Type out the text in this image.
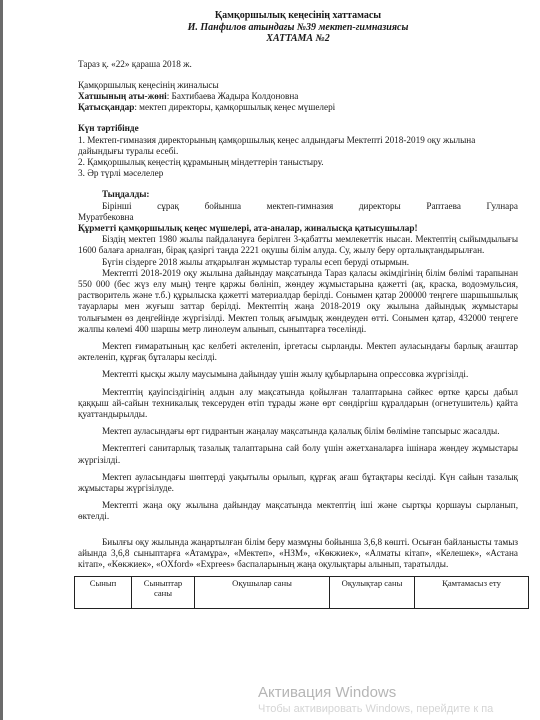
Қамқоршылық кеңесінің хаттамасы
И. Панфилов атындағы №39 мектеп-гимназиясы
ХАТТАМА №2

Тараз қ. «22» қараша 2018 ж.

Қамқоршылық кеңесінің жиналысы

Хатшының аты-жөні: Бахтибаева Жадыра Колдоновна

Қатысқандар: мектеп директоры, қамқоршылық кеңес мүшелері

Күн тәртібінде

1. Мектеп-гимназия директорының қамқоршылық кеңес алдындағы Мектепті 2018-2019 оқу жылына дайындығы туралы есебі.
2. Қамқоршылық кеңестің құрамының міндеттерін таныстыру.
3. Әр түрлі мәселелер

Тыңдалды:

Бірінші	сұрақ	бойынша	мектеп-гимназия	директоры	Раптаева	Гулнара

Муратбековна

Құрметті қамқоршылық кеңес мүшелері, ата-аналар, жиналысқа қатысушылар!

Біздің мектеп 1980 жылы пайдалануға берілген 3-қабатты мемлекеттік нысан. Мектептің сыйымдылығы 1600 балаға арналған, бірақ қазіргі таңда 2221 оқушы білім алуда. Су, жылу беру орталықтандырылған.

Бүгін сіздерге 2018 жылы атқарылған жұмыстар туралы есеп беруді отырмын.

Мектепті 2018-2019 оқу жылына дайындау мақсатында Тараз қаласы әкімдігінің білім бөлімі тарапынан 550 000 (бес жүз елу мың) теңге қаржы бөлініп, жөндеу жұмыстарына қажетті (ақ, краска, водоэмульсия, растворитель және т.б.) құрылыска қажетті материалдар берілді. Сонымен қатар 200000 теңгеге шаршышылық тауарлары мен жуғыш заттар берілді. Мектептің жаңа 2018-2019 оқу жылына дайындық жұмыстары толығымен өз деңгейінде жүргізілді. Мектеп толық ағымдық жөндеуден өтті. Сонымен қатар, 432000 теңгеге жалпы көлемі 400 шаршы метр линолеум алынып, сыныптарға төселінді.

Мектеп ғимаратының қас келбеті әктеленіп, іргетасы сырланды. Мектеп ауласындағы барлық ағаштар әктеленіп, құрғақ бұталары кесілді.

Мектепті қысқы жылу маусымына дайындау үшін жылу құбырларына опрессовка жүргізілді.

Мектептің қауіпсіздігінің алдын алу мақсатында қойылған талаптарына сәйкес өртке қарсы дабыл қаққыш ай-сайын техникалық тексеруден өтіп тұрады және өрт сөндіргіш құралдарын (огнетушитель) қайта қуаттандырылды.

Мектеп ауласындағы өрт гидрантын жаңалау мақсатында қалалық білім бөлімінe тапсырыс жасалды.

Мектептегі санитарлық тазалық талаптарына сай болу үшін әжетханаларға ішінара жөндеу жұмыстары жүргізілді.

Мектеп ауласындағы шөптерді уақытылы орылып, құрғақ ағаш бұтақтары кесілді. Күн сайын тазалық жұмыстары жүргізілуде.

Мектепті жаңа оқу жылына дайындау мақсатында мектептің іші және сыртқы қоршауы сырланып, өктелді.

Биылғы оқу жылында жаңартылған білім беру мазмұны бойынша 3,6,8 көшті. Осыған байланысты тамыз айында 3,6,8 сыныптарға «Атамұра», «Мектеп», «НЗМ», «Көкжиек», «Алматы кітап», «Келешек», «Астана кітап», «Көкжиек», «OXford» «Exprees» баспаларының жаңа оқулықтары алынып, таратылды.

Сынып	Сыныптар саны	Оқушылар саны	Оқулықтар саны	Қамтамасыз ету
Активация Windows
Чтобы активировать Windows, перейдите к па
